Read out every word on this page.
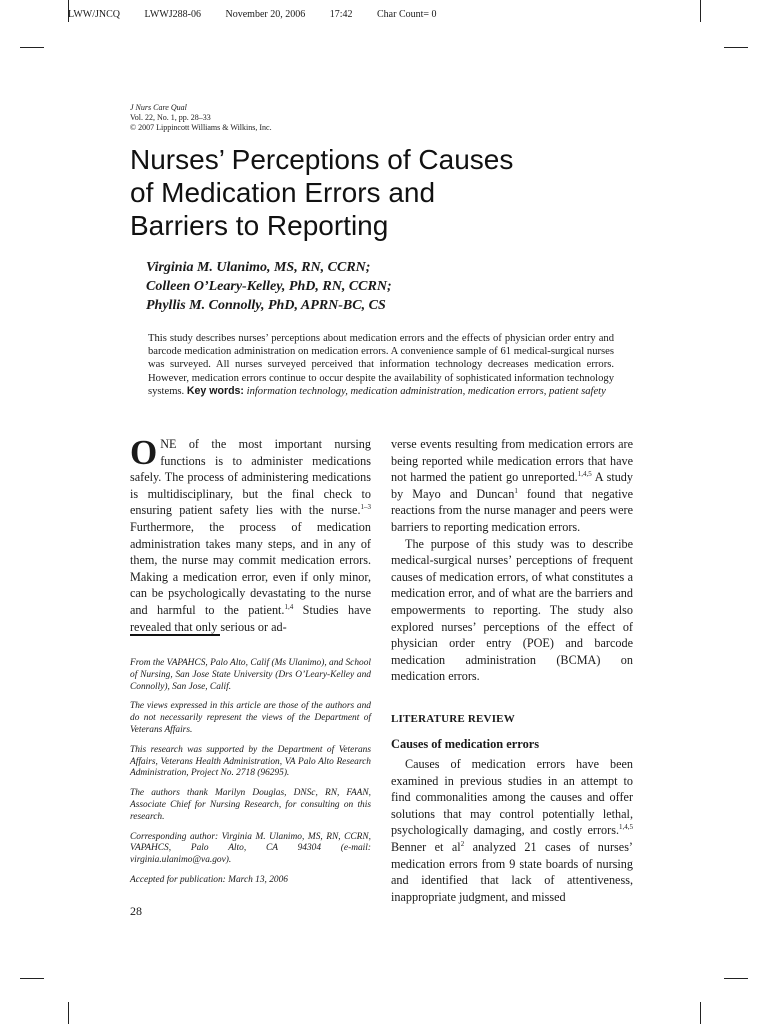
LWW/JNCQ LWWJ288-06 November 20, 2006 17:42 Char Count= 0
J Nurs Care Qual
Vol. 22, No. 1, pp. 28–33
© 2007 Lippincott Williams & Wilkins, Inc.
Nurses’ Perceptions of Causes
of Medication Errors and
Barriers to Reporting
Virginia M. Ulanimo, MS, RN, CCRN;
Colleen O’Leary-Kelley, PhD, RN, CCRN;
Phyllis M. Connolly, PhD, APRN-BC, CS
This study describes nurses’ perceptions about medication errors and the effects of physician order entry and barcode medication administration on medication errors. A convenience sample of 61 medical-surgical nurses was surveyed. All nurses surveyed perceived that information technology decreases medication errors. However, medication errors continue to occur despite the availability of sophisticated information technology systems. Key words: information technology, medication administration, medication errors, patient safety

ONE of the most important nursing functions is to administer medications safely. The process of administering medications is multidisciplinary, but the final check to ensuring patient safety lies with the nurse.$^{1-3}$ Furthermore, the process of medication administration takes many steps, and in any of them, the nurse may commit medication errors. Making a medication error, even if only minor, can be psychologically devastating to the nurse and harmful to the patient.$^{1,4}$ Studies have revealed that only serious or ad-

From the VAPAHCS, Palo Alto, Calif (Ms Ulanimo), and School of Nursing, San Jose State University (Drs O’Leary-Kelley and Connolly), San Jose, Calif.

The views expressed in this article are those of the authors and do not necessarily represent the views of the Department of Veterans Affairs.

This research was supported by the Department of Veterans Affairs, Veterans Health Administration, VA Palo Alto Research Administration, Project No. 2718 (96295).

The authors thank Marilyn Douglas, DNSc, RN, FAAN, Associate Chief for Nursing Research, for consulting on this research.

Corresponding author: Virginia M. Ulanimo, MS, RN, CCRN, VAPAHCS, Palo Alto, CA 94304 (e-mail: virginia.ulanimo@va.gov).

Accepted for publication: March 13, 2006

28

verse events resulting from medication errors are being reported while medication errors that have not harmed the patient go unreported.$^{1,4,5}$ A study by Mayo and Duncan$^1$ found that negative reactions from the nurse manager and peers were barriers to reporting medication errors.

The purpose of this study was to describe medical-surgical nurses’ perceptions of frequent causes of medication errors, of what constitutes a medication error, and of what are the barriers and empowerments to reporting. The study also explored nurses’ perceptions of the effect of physician order entry (POE) and barcode medication administration (BCMA) on medication errors.

LITERATURE REVIEW
Causes of medication errors

Causes of medication errors have been examined in previous studies in an attempt to find commonalities among the causes and offer solutions that may control potentially lethal, psychologically damaging, and costly errors.$^{1,4,5}$ Benner et $al^2$ analyzed 21 cases of nurses’ medication errors from 9 state boards of nursing and identified that lack of attentiveness, inappropriate judgment, and missed
